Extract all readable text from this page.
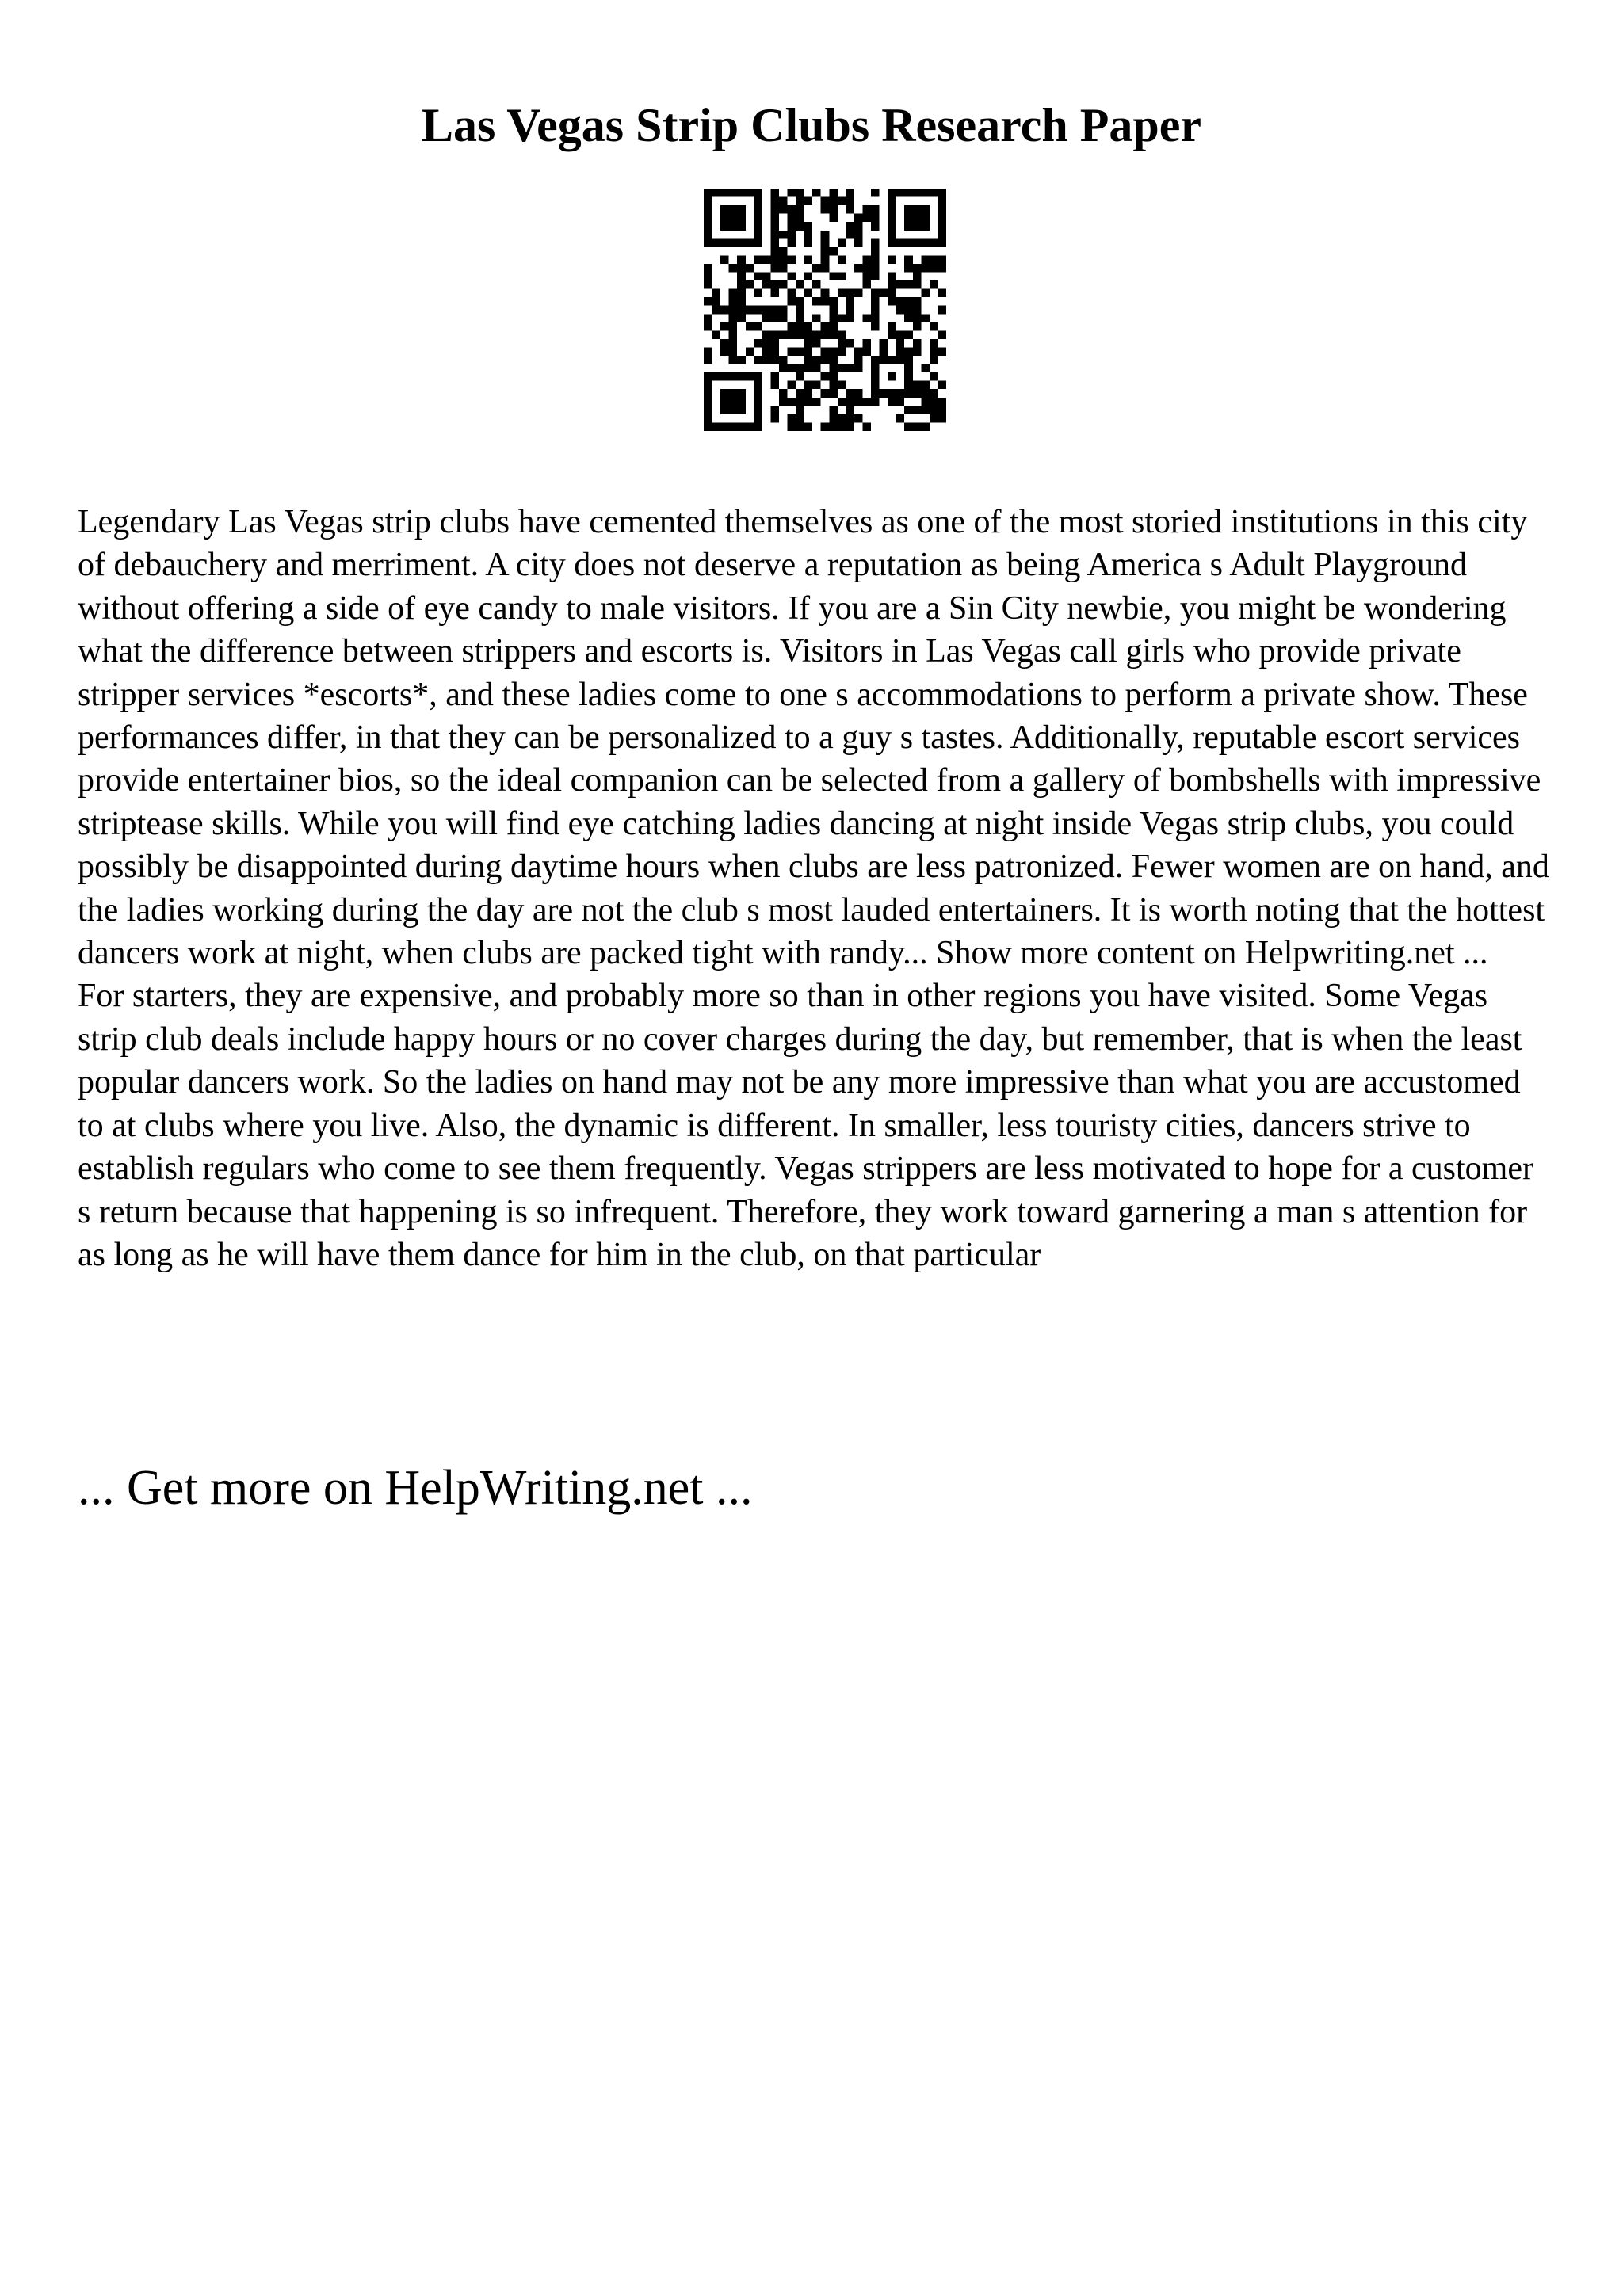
Las Vegas Strip Clubs Research Paper

Legendary Las Vegas strip clubs have cemented themselves as one of the most storied institutions in this city of debauchery and merriment. A city does not deserve a reputation as being America s Adult Playground without offering a side of eye candy to male visitors. If you are a Sin City newbie, you might be wondering what the difference between strippers and escorts is. Visitors in Las Vegas call girls who provide private stripper services *escorts*, and these ladies come to one s accommodations to perform a private show. These performances differ, in that they can be personalized to a guy s tastes. Additionally, reputable escort services provide entertainer bios, so the ideal companion can be selected from a gallery of bombshells with impressive striptease skills. While you will find eye catching ladies dancing at night inside Vegas strip clubs, you could possibly be disappointed during daytime hours when clubs are less patronized. Fewer women are on hand, and the ladies working during the day are not the club s most lauded entertainers. It is worth noting that the hottest dancers work at night, when clubs are packed tight with randy... Show more content on Helpwriting.net ...

For starters, they are expensive, and probably more so than in other regions you have visited. Some Vegas strip club deals include happy hours or no cover charges during the day, but remember, that is when the least popular dancers work. So the ladies on hand may not be any more impressive than what you are accustomed to at clubs where you live. Also, the dynamic is different. In smaller, less touristy cities, dancers strive to establish regulars who come to see them frequently. Vegas strippers are less motivated to hope for a customer s return because that happening is so infrequent. Therefore, they work toward garnering a man s attention for as long as he will have them dance for him in the club, on that particular

... Get more on HelpWriting.net ...
